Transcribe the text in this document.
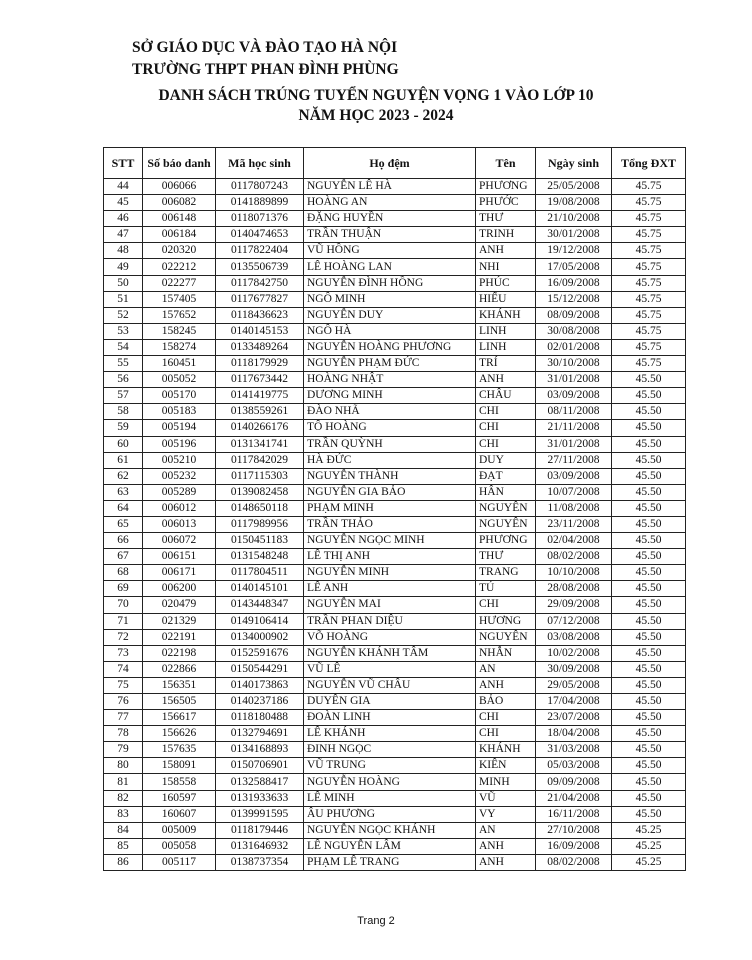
SỞ GIÁO DỤC VÀ ĐÀO TẠO HÀ NỘI
TRƯỜNG THPT PHAN ĐÌNH PHÙNG
DANH SÁCH TRÚNG TUYỂN NGUYỆN VỌNG 1 VÀO LỚP 10
NĂM HỌC 2023 - 2024
STT	Số báo danh	Mã học sinh	Họ đệm	Tên	Ngày sinh	Tổng ĐXT
44	006066	0117807243	NGUYỄN LÊ HÀ	PHƯƠNG	25/05/2008	45.75
45	006082	0141889899	HOÀNG AN	PHƯỚC	19/08/2008	45.75
46	006148	0118071376	ĐẶNG HUYỀN	THƯ	21/10/2008	45.75
47	006184	0140474653	TRẦN THUẬN	TRINH	30/01/2008	45.75
48	020320	0117822404	VŨ HỒNG	ANH	19/12/2008	45.75
49	022212	0135506739	LÊ HOÀNG LAN	NHI	17/05/2008	45.75
50	022277	0117842750	NGUYỄN ĐÌNH HỒNG	PHÚC	16/09/2008	45.75
51	157405	0117677827	NGÔ MINH	HIẾU	15/12/2008	45.75
52	157652	0118436623	NGUYỄN DUY	KHÁNH	08/09/2008	45.75
53	158245	0140145153	NGÔ HÀ	LINH	30/08/2008	45.75
54	158274	0133489264	NGUYỄN HOÀNG PHƯƠNG	LINH	02/01/2008	45.75
55	160451	0118179929	NGUYỄN PHẠM ĐỨC	TRÍ	30/10/2008	45.75
56	005052	0117673442	HOÀNG NHẬT	ANH	31/01/2008	45.50
57	005170	0141419775	DƯƠNG MINH	CHÂU	03/09/2008	45.50
58	005183	0138559261	ĐÀO NHÃ	CHI	08/11/2008	45.50
59	005194	0140266176	TÔ HOÀNG	CHI	21/11/2008	45.50
60	005196	0131341741	TRẦN QUỲNH	CHI	31/01/2008	45.50
61	005210	0117842029	HÀ ĐỨC	DUY	27/11/2008	45.50
62	005232	0117115303	NGUYỄN THÀNH	ĐẠT	03/09/2008	45.50
63	005289	0139082458	NGUYỄN GIA BẢO	HÂN	10/07/2008	45.50
64	006012	0148650118	PHẠM MINH	NGUYÊN	11/08/2008	45.50
65	006013	0117989956	TRẦN THẢO	NGUYÊN	23/11/2008	45.50
66	006072	0150451183	NGUYỄN NGỌC MINH	PHƯƠNG	02/04/2008	45.50
67	006151	0131548248	LÊ THỊ ANH	THƯ	08/02/2008	45.50
68	006171	0117804511	NGUYỄN MINH	TRANG	10/10/2008	45.50
69	006200	0140145101	LÊ ANH	TÚ	28/08/2008	45.50
70	020479	0143448347	NGUYỄN MAI	CHI	29/09/2008	45.50
71	021329	0149106414	TRẦN PHAN DIỆU	HƯƠNG	07/12/2008	45.50
72	022191	0134000902	VÕ HOÀNG	NGUYÊN	03/08/2008	45.50
73	022198	0152591676	NGUYỄN KHÁNH TÂM	NHẪN	10/02/2008	45.50
74	022866	0150544291	VŨ LÊ	AN	30/09/2008	45.50
75	156351	0140173863	NGUYỄN VŨ CHÂU	ANH	29/05/2008	45.50
76	156505	0140237186	DUYÊN GIA	BẢO	17/04/2008	45.50
77	156617	0118180488	ĐOÀN LINH	CHI	23/07/2008	45.50
78	156626	0132794691	LÊ KHÁNH	CHI	18/04/2008	45.50
79	157635	0134168893	ĐINH NGỌC	KHÁNH	31/03/2008	45.50
80	158091	0150706901	VŨ TRUNG	KIÊN	05/03/2008	45.50
81	158558	0132588417	NGUYỄN HOÀNG	MINH	09/09/2008	45.50
82	160597	0131933633	LÊ MINH	VŨ	21/04/2008	45.50
83	160607	0139991595	ÂU PHƯƠNG	VY	16/11/2008	45.50
84	005009	0118179446	NGUYỄN NGỌC KHÁNH	AN	27/10/2008	45.25
85	005058	0131646932	LÊ NGUYỄN LÂM	ANH	16/09/2008	45.25
86	005117	0138737354	PHẠM LÊ TRANG	ANH	08/02/2008	45.25
Trang 2
